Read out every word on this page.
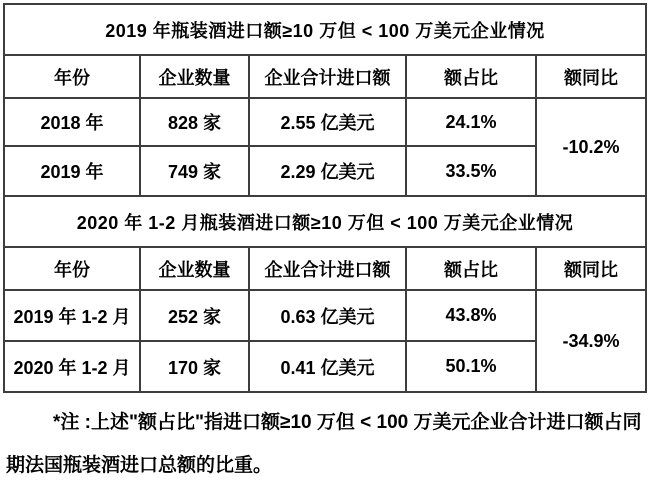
2019 年瓶装酒进口额≥10 万但 < 100 万美元企业情况				
年份	企业数量	企业合计进口额	额占比	额同比
2018 年	828 家	2.55 亿美元	24.1%	-10.2%
2019 年	749 家	2.29 亿美元	33.5%	
2020 年 1-2 月瓶装酒进口额≥10 万但 < 100 万美元企业情况				
年份	企业数量	企业合计进口额	额占比	额同比
2019 年 1-2 月	252 家	0.63 亿美元	43.8%	-34.9%
2020 年 1-2 月	170 家	0.41 亿美元	50.1%	
*注 :上述"额占比"指进口额≥10 万但 < 100 万美元企业合计进口额占同期法国瓶装酒进口总额的比重。
